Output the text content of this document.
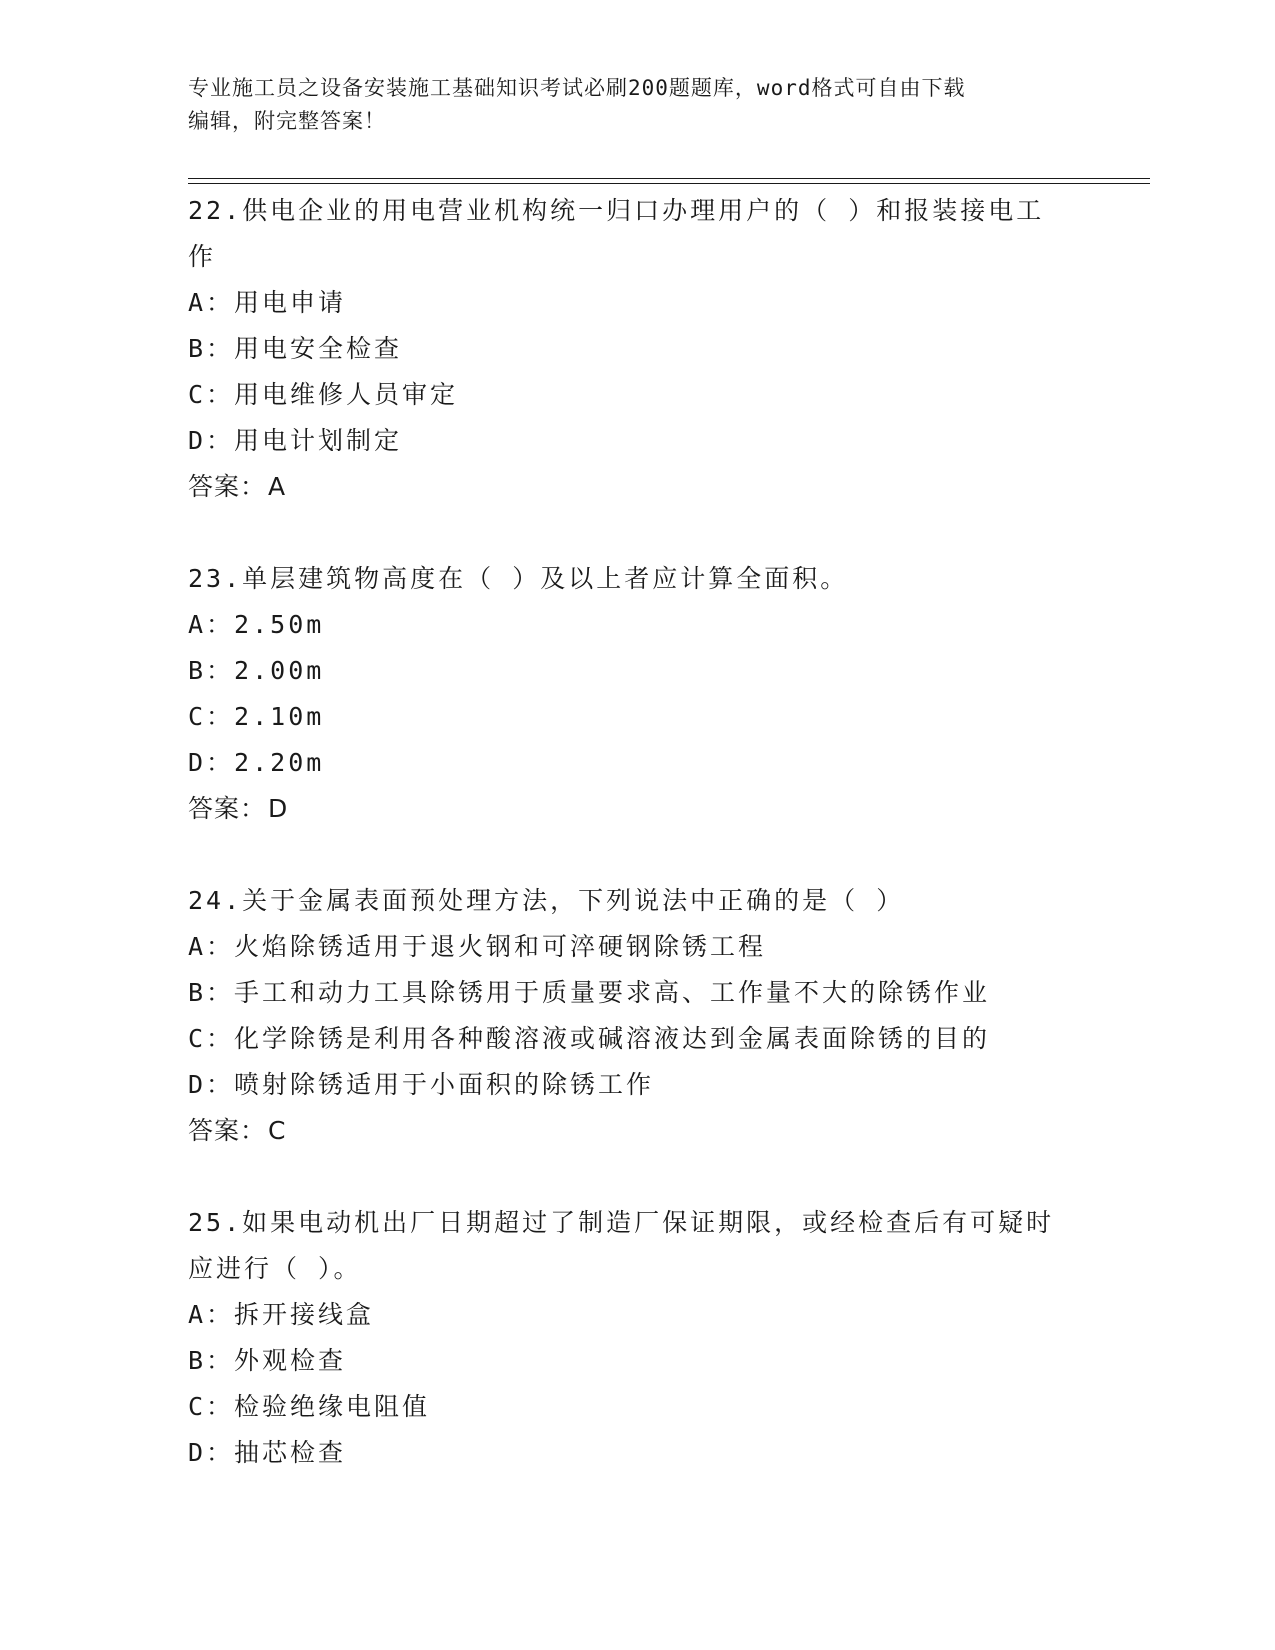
专业施工员之设备安装施工基础知识考试必刷200题题库，word格式可自由下载
编辑，附完整答案！
22.供电企业的用电营业机构统一归口办理用户的（ ）和报装接电工
作
A：用电申请
B：用电安全检查
C：用电维修人员审定
D：用电计划制定
答案：A
23.单层建筑物高度在（ ）及以上者应计算全面积。
A：2.50m
B：2.00m
C：2.10m
D：2.20m
答案：D
24.关于金属表面预处理方法，下列说法中正确的是（ ）
A：火焰除锈适用于退火钢和可淬硬钢除锈工程
B：手工和动力工具除锈用于质量要求高、工作量不大的除锈作业
C：化学除锈是利用各种酸溶液或碱溶液达到金属表面除锈的目的
D：喷射除锈适用于小面积的除锈工作
答案：C
25.如果电动机出厂日期超过了制造厂保证期限，或经检查后有可疑时
应进行（ ）。
A：拆开接线盒
B：外观检查
C：检验绝缘电阻值
D：抽芯检查
